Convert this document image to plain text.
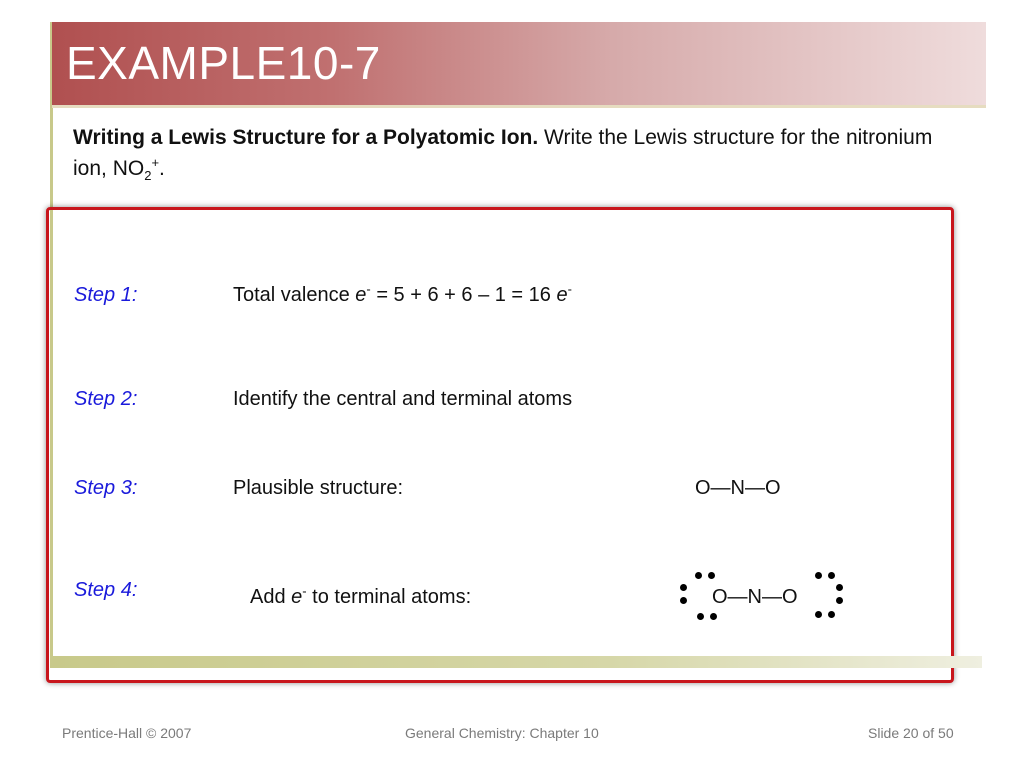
EXAMPLE10-7
Writing a Lewis Structure for a Polyatomic Ion. Write the Lewis structure for the nitronium ion, $NO_2^+$.
Step 1:	Total valence e- = 5 + 6 + 6 – 1 = 16 e-
Step 2:	Identify the central and terminal atoms
Step 3:	Plausible structure:	O—N—O
Step 4:	Add e- to terminal atoms:	O—N—O
Prentice-Hall © 2007	General Chemistry: Chapter 10	Slide 20 of 50
